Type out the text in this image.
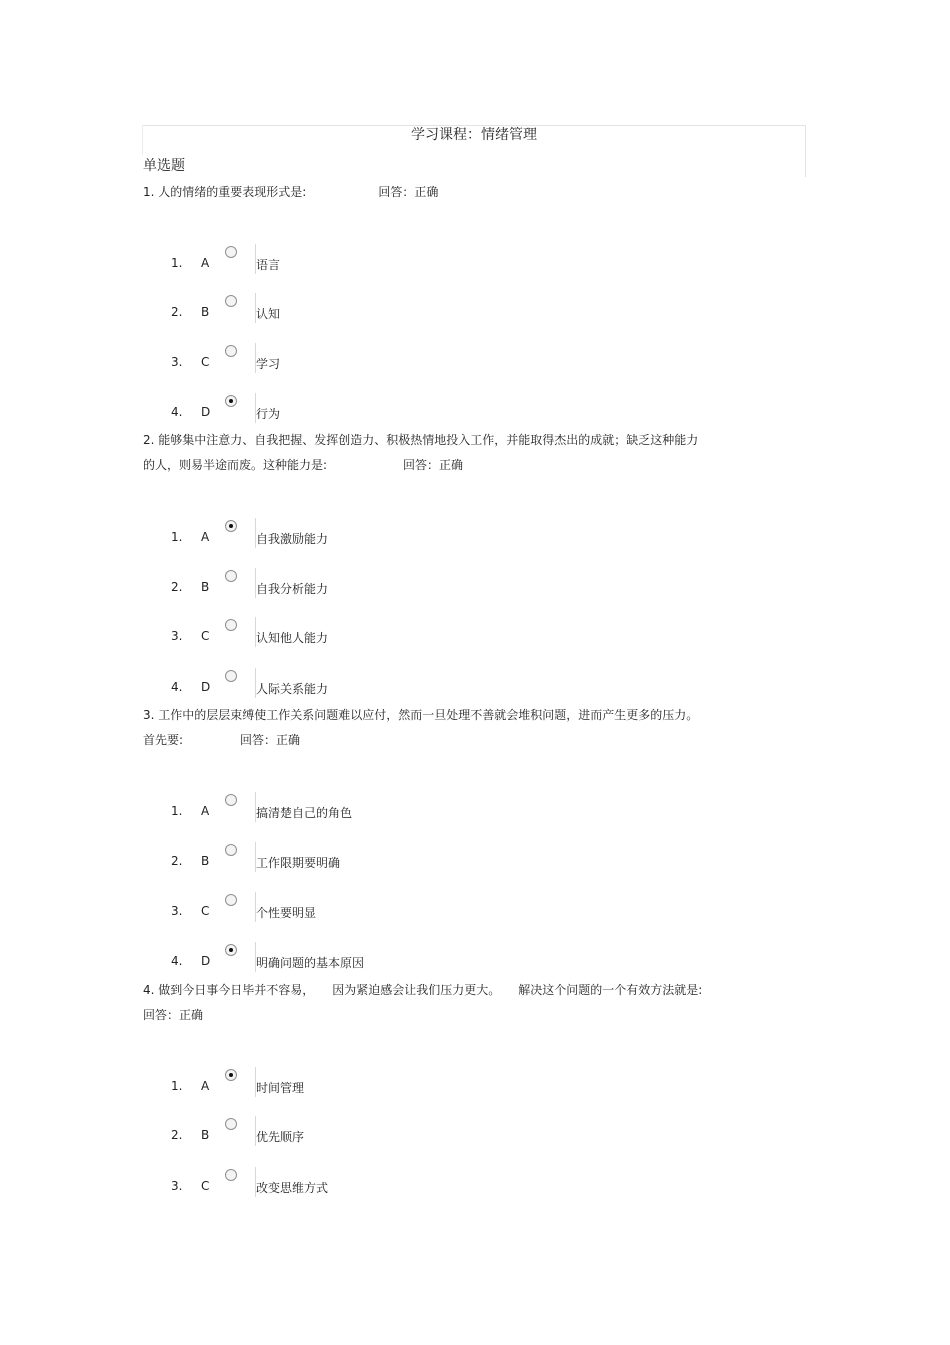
学习课程：情绪管理
单选题
1. 人的情绪的重要表现形式是:	回答：正确
1. A	语言
2. B	认知
3. C	学习
4. D	行为
2. 能够集中注意力、自我把握、发挥创造力、积极热情地投入工作，并能取得杰出的成就；缺乏这种能力
的人，则易半途而废。这种能力是:	回答：正确
1. A	自我激励能力
2. B	自我分析能力
3. C	认知他人能力
4. D	人际关系能力
3. 工作中的层层束缚使工作关系问题难以应付，然而一旦处理不善就会堆积问题，进而产生更多的压力。
首先要:	回答：正确
1. A	搞清楚自己的角色
2. B	工作限期要明确
3. C	个性要明显
4. D	明确问题的基本原因
4. 做到今日事今日毕并不容易，　　因为紧迫感会让我们压力更大。　　解决这个问题的一个有效方法就是:
回答：正确
1. A	时间管理
2. B	优先顺序
3. C	改变思维方式
